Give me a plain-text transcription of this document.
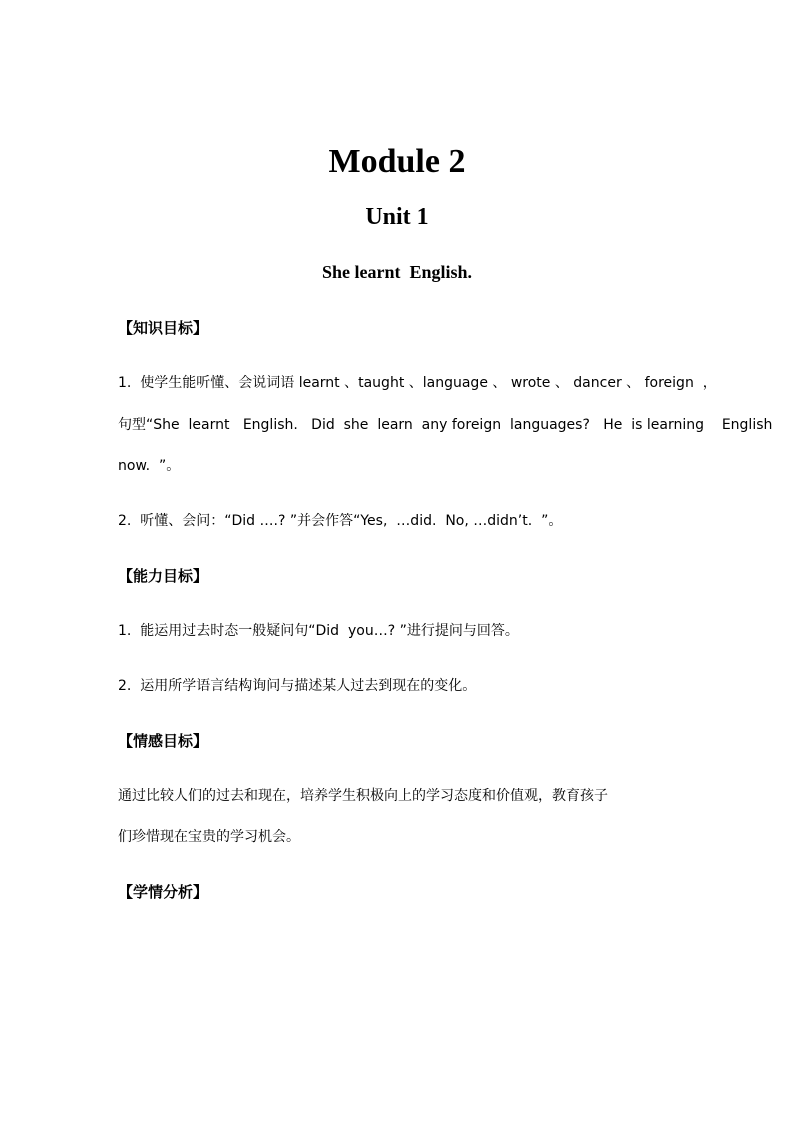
Module 2
Unit 1
She learnt  English.
【知识目标】
1.  使学生能听懂、会说词语 learnt 、taught 、language 、 wrote 、 dancer 、 foreign  ，
句型“She  learnt   English.   Did  she  learn  any foreign  languages?   He  is learning    English
now.  ”。
2.  听懂、会问：“Did ….? ”并会作答“Yes,  …did.  No, …didn’t.  ”。
【能力目标】
1.  能运用过去时态一般疑问句“Did  you…? ”进行提问与回答。
2.  运用所学语言结构询问与描述某人过去到现在的变化。
【情感目标】
通过比较人们的过去和现在，培养学生积极向上的学习态度和价值观，教育孩子
们珍惜现在宝贵的学习机会。
【学情分析】
